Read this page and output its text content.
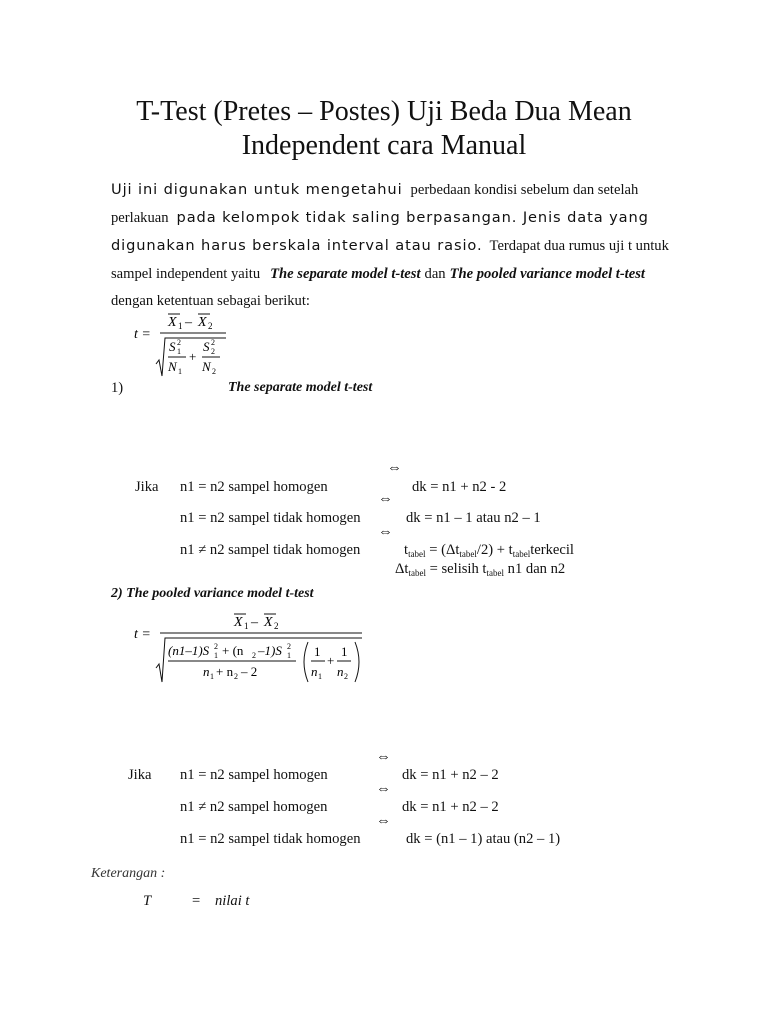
T-Test (Pretes – Postes) Uji Beda Dua Mean
Independent cara Manual
Uji ini digunakan untuk mengetahui perbedaan kondisi sebelum dan setelah
perlakuan pada kelompok tidak saling berpasangan. Jenis data yang
digunakan harus berskala interval atau rasio. Terdapat dua rumus uji t untuk
sampel independent yaitu The separate model t-test dan The pooled variance model t-test
dengan ketentuan sebagai berikut:
t =
X 1 – X 2
S 2
1
N 1
+
S 2
2
N 2
1)	The separate model t-test
⇔
Jika n1 = n2 sampel homogen	dk = n1 + n2 - 2
⇔
n1 = n2 sampel tidak homogen	dk = n1 – 1 atau n2 – 1
⇔
n1 ≠ n2 sampel tidak homogen	$t_{tabel} = (\Delta t_{tabel}/2)$ + $t_{tabel}terkecil$
$\Delta t_{tabel}$ = selisih $t_{tabel}$ n1 dan n2
2) The pooled variance model t-test
t =
X 1 – X 2
(n1–1)S 2
1 + (n 2 –1)S 2
1
n 1 + n 2 – 2
1
n 1
+
1
n 2
⇔
Jika n1 = n2 sampel homogen	dk = n1 + n2 – 2
⇔
n1 ≠ n2 sampel homogen	dk = n1 + n2 – 2
⇔
n1 = n2 sampel tidak homogen	dk = (n1 – 1) atau (n2 – 1)
Keterangan :
T	= nilai t
